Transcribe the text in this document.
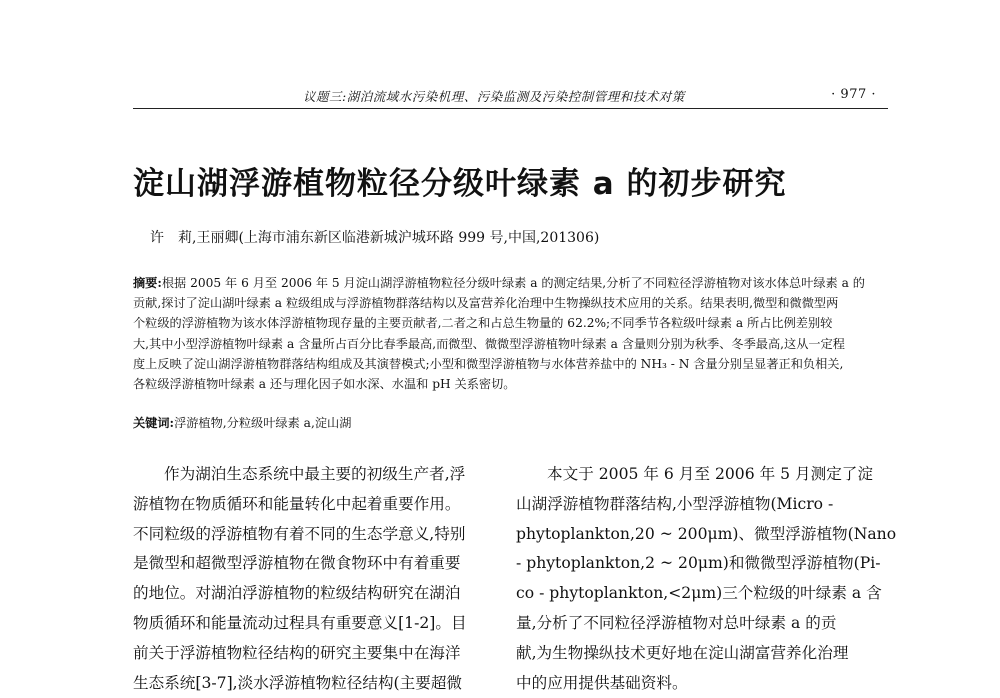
议题三:湖泊流域水污染机理、污染监测及污染控制管理和技术对策	· 977 ·
淀山湖浮游植物粒径分级叶绿素 a 的初步研究
许　莉,王丽卿(上海市浦东新区临港新城沪城环路 999 号,中国,201306)
摘要:根据 2005 年 6 月至 2006 年 5 月淀山湖浮游植物粒径分级叶绿素 a 的测定结果,分析了不同粒径浮游植物对该水体总叶绿素 a 的
贡献,探讨了淀山湖叶绿素 a 粒级组成与浮游植物群落结构以及富营养化治理中生物操纵技术应用的关系。结果表明,微型和微微型两
个粒级的浮游植物为该水体浮游植物现存量的主要贡献者,二者之和占总生物量的 62.2%;不同季节各粒级叶绿素 a 所占比例差别较
大,其中小型浮游植物叶绿素 a 含量所占百分比春季最高,而微型、微微型浮游植物叶绿素 a 含量则分别为秋季、冬季最高,这从一定程
度上反映了淀山湖浮游植物群落结构组成及其演替模式;小型和微型浮游植物与水体营养盐中的 NH₃ - N 含量分别呈显著正和负相关,
各粒级浮游植物叶绿素 a 还与理化因子如水深、水温和 pH 关系密切。
关键词:浮游植物,分粒级叶绿素 a,淀山湖
作为湖泊生态系统中最主要的初级生产者,浮
游植物在物质循环和能量转化中起着重要作用。
不同粒级的浮游植物有着不同的生态学意义,特别
是微型和超微型浮游植物在微食物环中有着重要
的地位。对湖泊浮游植物的粒级结构研究在湖泊
物质循环和能量流动过程具有重要意义[1-2]。目
前关于浮游植物粒径结构的研究主要集中在海洋
生态系统[3-7],淡水浮游植物粒径结构(主要超微
本文于 2005 年 6 月至 2006 年 5 月测定了淀
山湖浮游植物群落结构,小型浮游植物(Micro -
phytoplankton,20 ~ 200μm)、微型浮游植物(Nano
- phytoplankton,2 ~ 20μm)和微微型浮游植物(Pi-
co - phytoplankton,<2μm)三个粒级的叶绿素 a 含
量,分析了不同粒径浮游植物对总叶绿素 a 的贡
献,为生物操纵技术更好地在淀山湖富营养化治理
中的应用提供基础资料。
